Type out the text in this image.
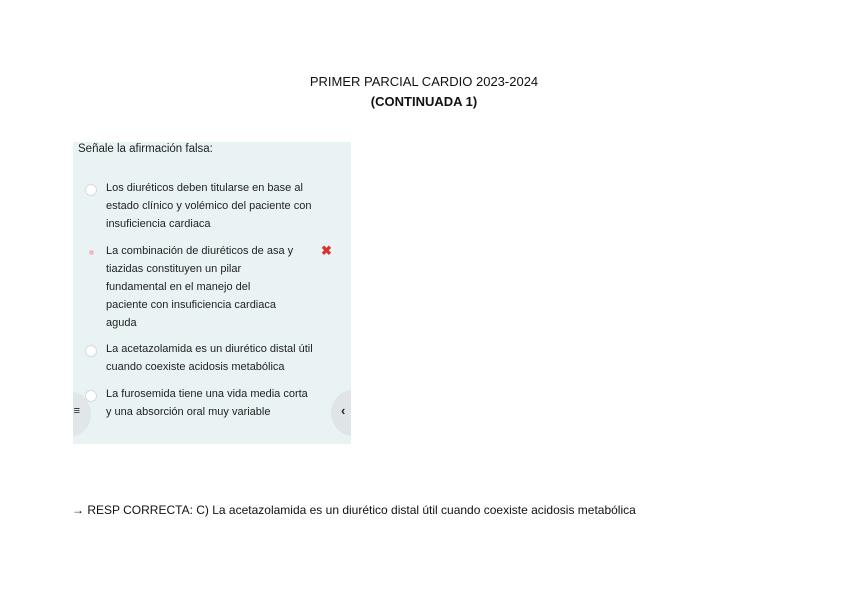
PRIMER PARCIAL CARDIO 2023-2024
(CONTINUADA 1)
Señale la afirmación falsa:
Los diuréticos deben titularse en base al
estado clínico y volémico del paciente con
insuficiencia cardiaca
La combinación de diuréticos de asa y
tiazidas constituyen un pilar
fundamental en el manejo del
paciente con insuficiencia cardiaca
aguda
✖
La acetazolamida es un diurético distal útil
cuando coexiste acidosis metabólica
La furosemida tiene una vida media corta
y una absorción oral muy variable
≡	‹
→ RESP CORRECTA: C) La acetazolamida es un diurético distal útil cuando coexiste acidosis metabólica
